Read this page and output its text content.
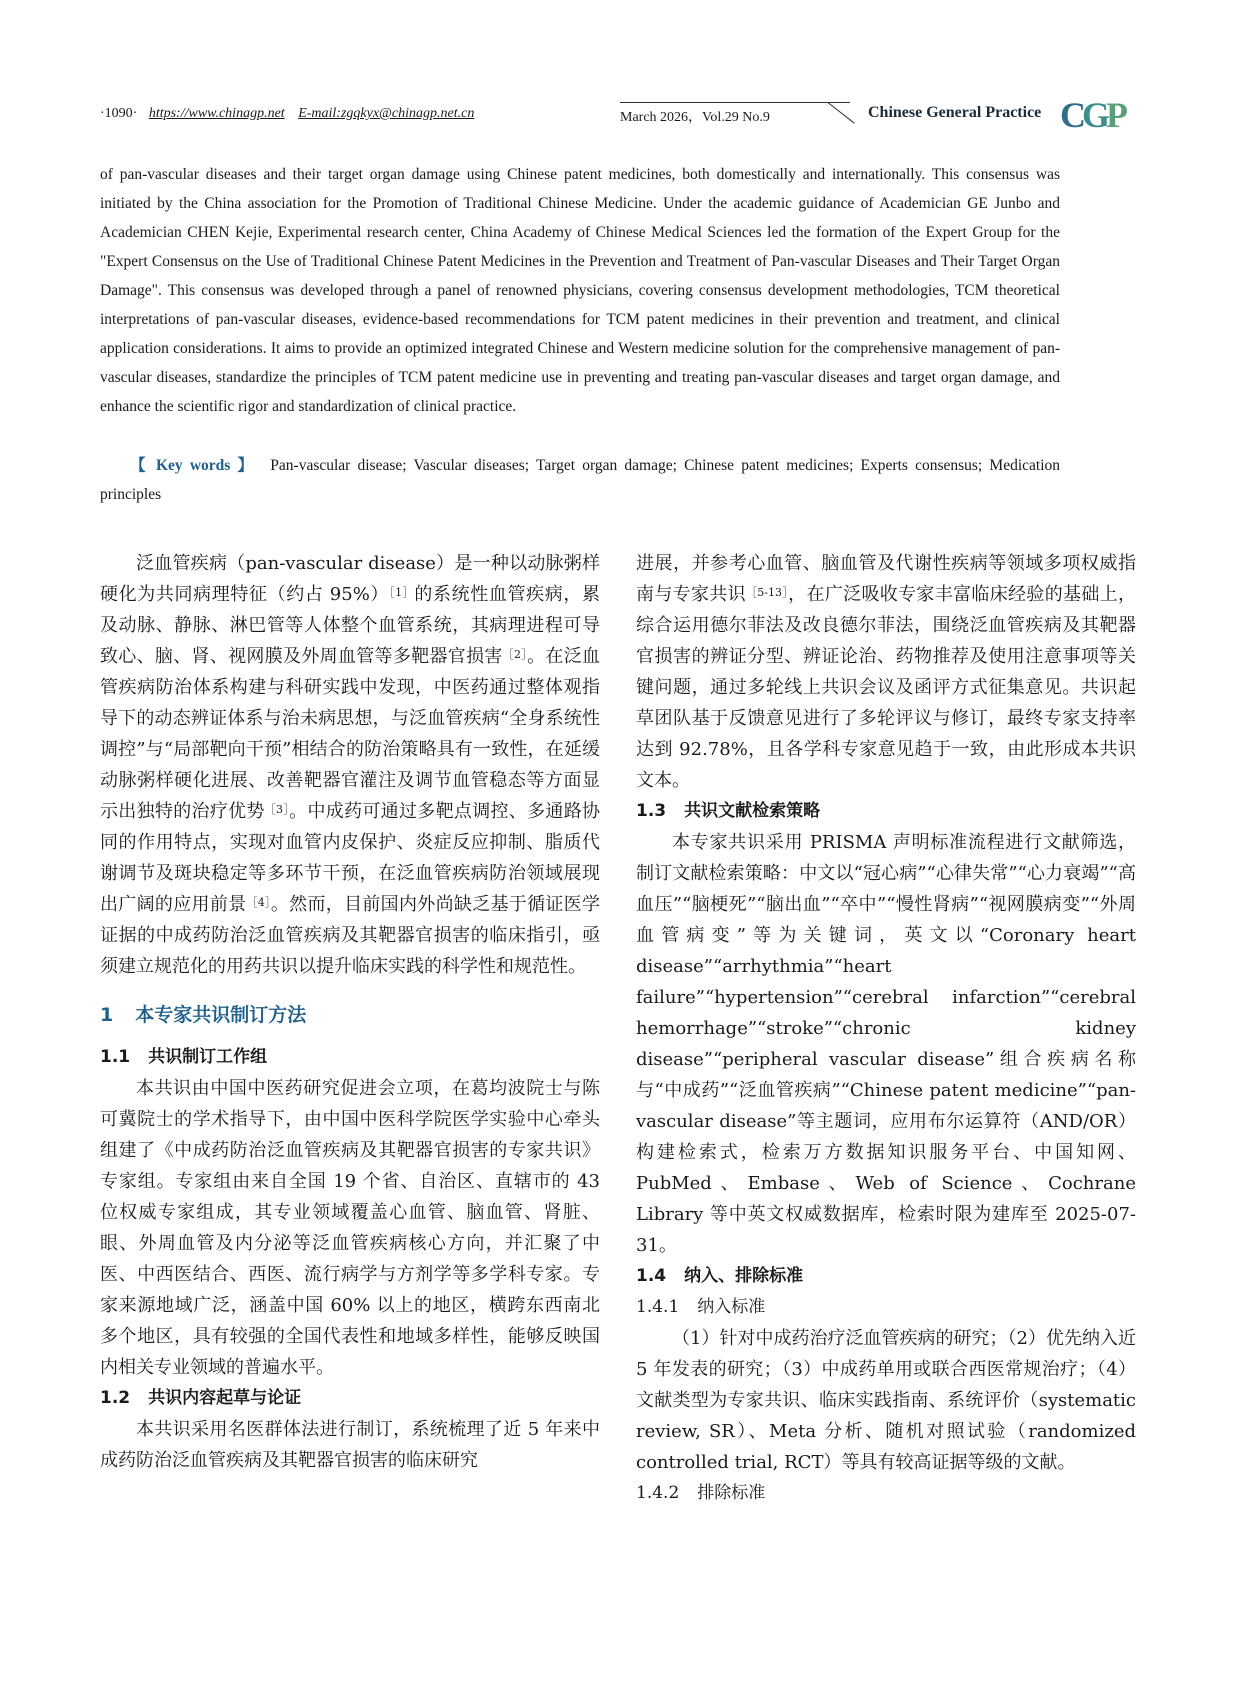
·1090· https://www.chinagp.net E-mail:zgqkyx@chinagp.net.cn	March 2026，Vol.29 No.9	Chinese General Practice CGP

of pan-vascular diseases and their target organ damage using Chinese patent medicines, both domestically and internationally. This consensus was initiated by the China association for the Promotion of Traditional Chinese Medicine. Under the academic guidance of Academician GE Junbo and Academician CHEN Kejie, Experimental research center, China Academy of Chinese Medical Sciences led the formation of the Expert Group for the "Expert Consensus on the Use of Traditional Chinese Patent Medicines in the Prevention and Treatment of Pan-vascular Diseases and Their Target Organ Damage". This consensus was developed through a panel of renowned physicians, covering consensus development methodologies, TCM theoretical interpretations of pan-vascular diseases, evidence-based recommendations for TCM patent medicines in their prevention and treatment, and clinical application considerations. It aims to provide an optimized integrated Chinese and Western medicine solution for the comprehensive management of pan-vascular diseases, standardize the principles of TCM patent medicine use in preventing and treating pan-vascular diseases and target organ damage, and enhance the scientific rigor and standardization of clinical practice.

【 Key words 】 Pan-vascular disease; Vascular diseases; Target organ damage; Chinese patent medicines; Experts consensus; Medication principles

泛血管疾病（pan-vascular disease）是一种以动脉粥样硬化为共同病理特征（约占 95%）$^{[1]}$的系统性血管疾病，累及动脉、静脉、淋巴管等人体整个血管系统，其病理进程可导致心、脑、肾、视网膜及外周血管等多靶器官损害$^{[2]}$。在泛血管疾病防治体系构建与科研实践中发现，中医药通过整体观指导下的动态辨证体系与治未病思想，与泛血管疾病“全身系统性调控”与“局部靶向干预”相结合的防治策略具有一致性，在延缓动脉粥样硬化进展、改善靶器官灌注及调节血管稳态等方面显示出独特的治疗优势$^{[3]}$。中成药可通过多靶点调控、多通路协同的作用特点，实现对血管内皮保护、炎症反应抑制、脂质代谢调节及斑块稳定等多环节干预，在泛血管疾病防治领域展现出广阔的应用前景$^{[4]}$。然而，目前国内外尚缺乏基于循证医学证据的中成药防治泛血管疾病及其靶器官损害的临床指引，亟须建立规范化的用药共识以提升临床实践的科学性和规范性。

1 本专家共识制订方法
1.1 共识制订工作组

本共识由中国中医药研究促进会立项，在葛均波院士与陈可冀院士的学术指导下，由中国中医科学院医学实验中心牵头组建了《中成药防治泛血管疾病及其靶器官损害的专家共识》专家组。专家组由来自全国 19 个省、自治区、直辖市的 43 位权威专家组成，其专业领域覆盖心血管、脑血管、肾脏、眼、外周血管及内分泌等泛血管疾病核心方向，并汇聚了中医、中西医结合、西医、流行病学与方剂学等多学科专家。专家来源地域广泛，涵盖中国 60% 以上的地区，横跨东西南北多个地区，具有较强的全国代表性和地域多样性，能够反映国内相关专业领域的普遍水平。

1.2 共识内容起草与论证

本共识采用名医群体法进行制订，系统梳理了近 5 年来中成药防治泛血管疾病及其靶器官损害的临床研究

进展，并参考心血管、脑血管及代谢性疾病等领域多项权威指南与专家共识$^{[5-13]}$，在广泛吸收专家丰富临床经验的基础上，综合运用德尔菲法及改良德尔菲法，围绕泛血管疾病及其靶器官损害的辨证分型、辨证论治、药物推荐及使用注意事项等关键问题，通过多轮线上共识会议及函评方式征集意见。共识起草团队基于反馈意见进行了多轮评议与修订，最终专家支持率达到 92.78%，且各学科专家意见趋于一致，由此形成本共识文本。

1.3 共识文献检索策略

本专家共识采用 PRISMA 声明标准流程进行文献筛选，制订文献检索策略：中文以“冠心病”“心律失常”“心力衰竭”“高血压”“脑梗死”“脑出血”“卒中”“慢性肾病”“视网膜病变”“外周血管病变”等为关键词，英文以“Coronary heart disease”“arrhythmia”“heart failure”“hypertension”“cerebral infarction”“cerebral hemorrhage”“stroke”“chronic kidney disease”“peripheral vascular disease”组合疾病名称与“中成药”“泛血管疾病”“Chinese patent medicine”“pan-vascular disease”等主题词，应用布尔运算符（AND/OR）构建检索式，检索万方数据知识服务平台、中国知网、PubMed、Embase、Web of Science、Cochrane Library 等中英文权威数据库，检索时限为建库至 2025-07-31。

1.4 纳入、排除标准
1.4.1 纳入标准

（1）针对中成药治疗泛血管疾病的研究；（2）优先纳入近 5 年发表的研究；（3）中成药单用或联合西医常规治疗；（4）文献类型为专家共识、临床实践指南、系统评价（systematic review, SR）、Meta 分析、随机对照试验（randomized controlled trial, RCT）等具有较高证据等级的文献。

1.4.2 排除标准
